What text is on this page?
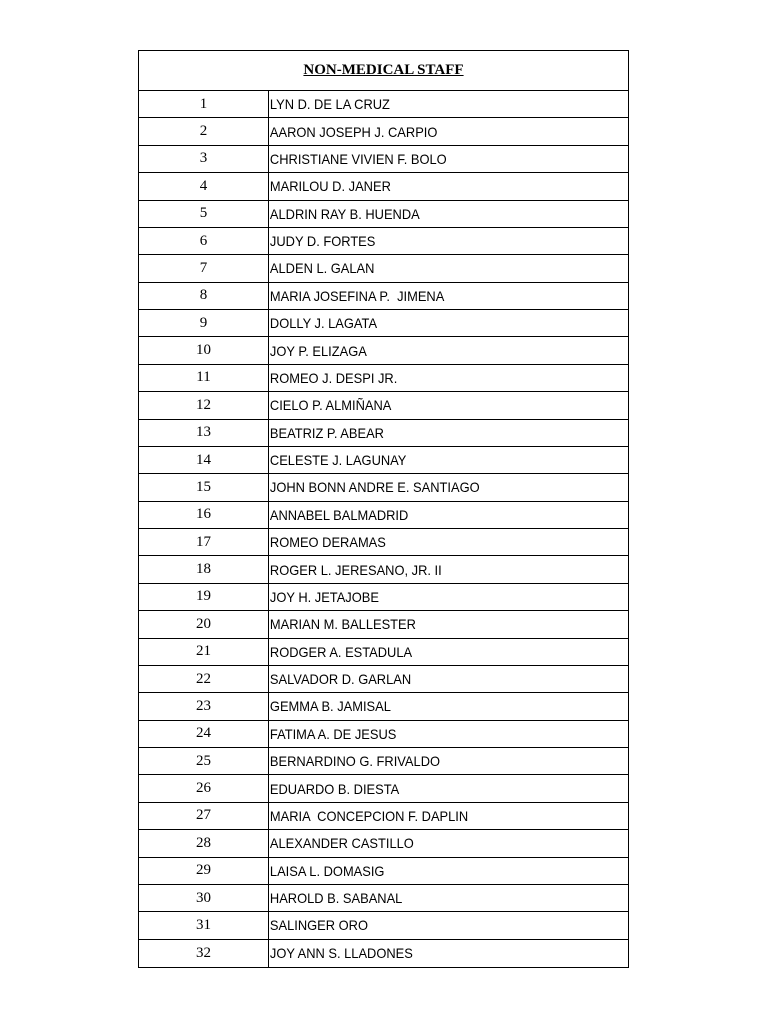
NON-MEDICAL STAFF
1	LYN D. DE LA CRUZ
2	AARON JOSEPH J. CARPIO
3	CHRISTIANE VIVIEN F. BOLO
4	MARILOU D. JANER
5	ALDRIN RAY B. HUENDA
6	JUDY D. FORTES
7	ALDEN L. GALAN
8	MARIA JOSEFINA P.  JIMENA
9	DOLLY J. LAGATA
10	JOY P. ELIZAGA
11	ROMEO J. DESPI JR.
12	CIELO P. ALMIÑANA
13	BEATRIZ P. ABEAR
14	CELESTE J. LAGUNAY
15	JOHN BONN ANDRE E. SANTIAGO
16	ANNABEL BALMADRID
17	ROMEO DERAMAS
18	ROGER L. JERESANO, JR. II
19	JOY H. JETAJOBE
20	MARIAN M. BALLESTER
21	RODGER A. ESTADULA
22	SALVADOR D. GARLAN
23	GEMMA B. JAMISAL
24	FATIMA A. DE JESUS
25	BERNARDINO G. FRIVALDO
26	EDUARDO B. DIESTA
27	MARIA  CONCEPCION F. DAPLIN
28	ALEXANDER CASTILLO
29	LAISA L. DOMASIG
30	HAROLD B. SABANAL
31	SALINGER ORO
32	JOY ANN S. LLADONES
